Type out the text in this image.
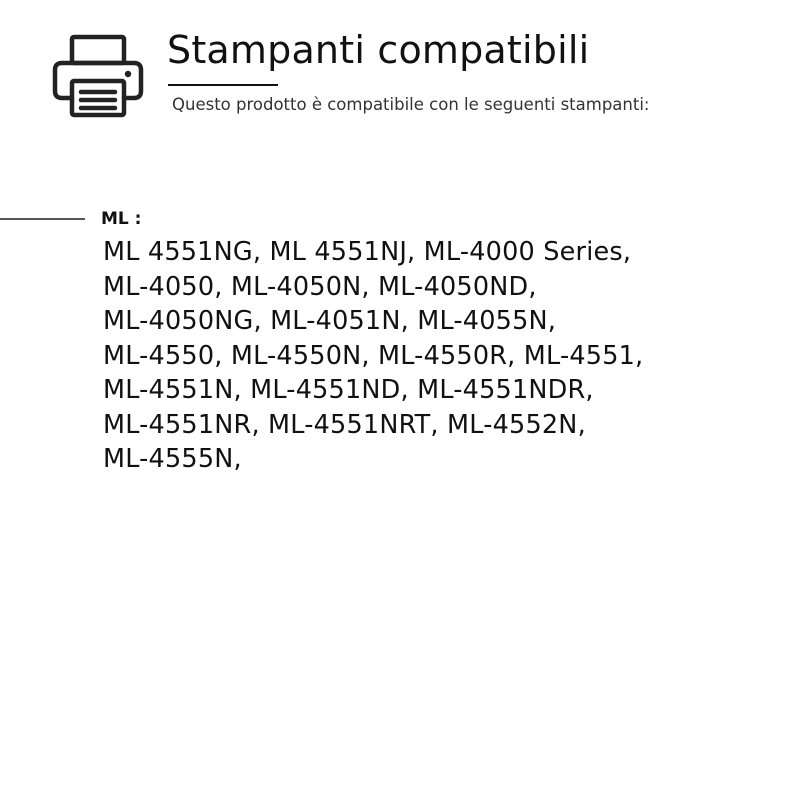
Stampanti compatibili

Questo prodotto è compatibile con le seguenti stampanti:

ML :

ML 4551NG, ML 4551NJ, ML-4000 Series,
ML-4050, ML-4050N, ML-4050ND,
ML-4050NG, ML-4051N, ML-4055N,
ML-4550, ML-4550N, ML-4550R, ML-4551,
ML-4551N, ML-4551ND, ML-4551NDR,
ML-4551NR, ML-4551NRT, ML-4552N,
ML-4555N,
